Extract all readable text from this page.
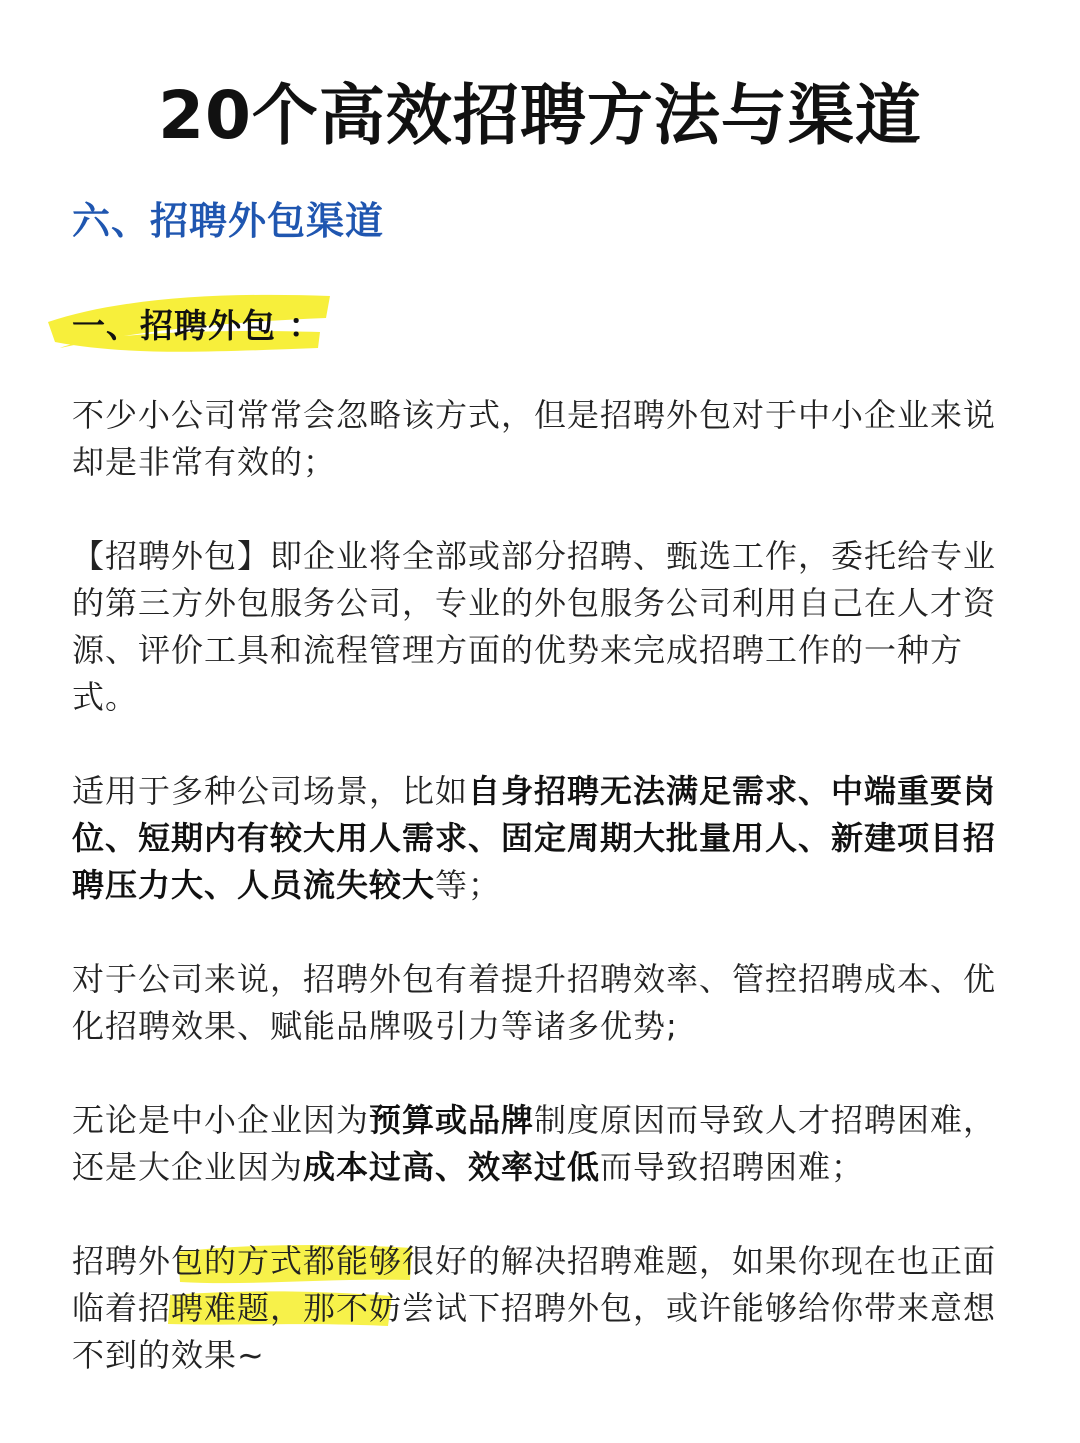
20个高效招聘方法与渠道
六、招聘外包渠道
一、招聘外包 ：
不少小公司常常会忽略该方式，但是招聘外包对于中小企业来说却是非常有效的；
【招聘外包】即企业将全部或部分招聘、甄选工作，委托给专业的第三方外包服务公司，专业的外包服务公司利用自己在人才资源、评价工具和流程管理方面的优势来完成招聘工作的一种方式。
适用于多种公司场景，比如自身招聘无法满足需求、中端重要岗位、短期内有较大用人需求、固定周期大批量用人、新建项目招聘压力大、人员流失较大等；
对于公司来说，招聘外包有着提升招聘效率、管控招聘成本、优化招聘效果、赋能品牌吸引力等诸多优势;
无论是中小企业因为预算或品牌制度原因而导致人才招聘困难，还是大企业因为成本过高、效率过低而导致招聘困难；
招聘外包的方式都能够很好的解决招聘难题，如果你现在也正面临着招聘难题，那不妨尝试下招聘外包，或许能够给你带来意想不到的效果~
